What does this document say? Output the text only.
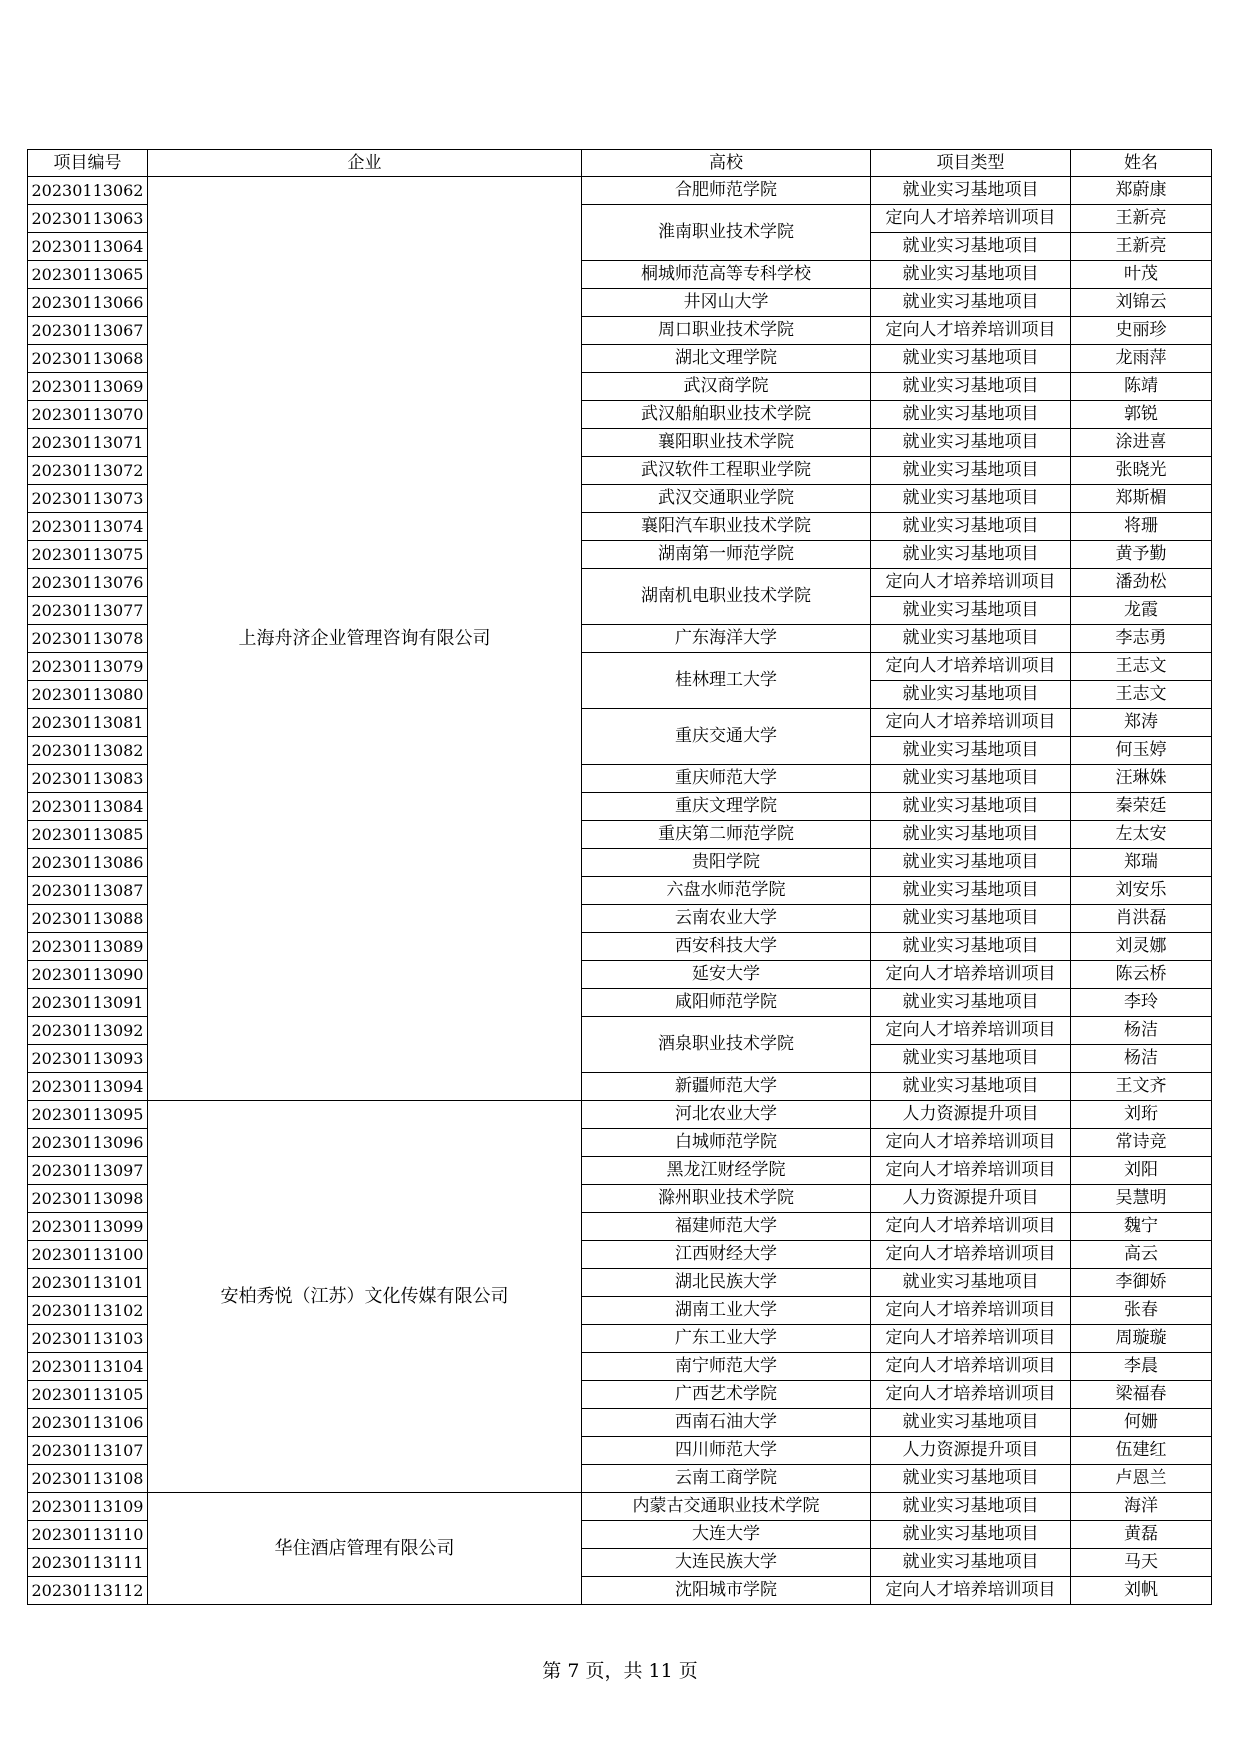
项目编号	企业	高校	项目类型	姓名
20230113062	上海舟济企业管理咨询有限公司	合肥师范学院	就业实习基地项目	郑蔚康
20230113063		淮南职业技术学院	定向人才培养培训项目	王新亮
20230113064			就业实习基地项目	王新亮
20230113065		桐城师范高等专科学校	就业实习基地项目	叶茂
20230113066		井冈山大学	就业实习基地项目	刘锦云
20230113067		周口职业技术学院	定向人才培养培训项目	史丽珍
20230113068		湖北文理学院	就业实习基地项目	龙雨萍
20230113069		武汉商学院	就业实习基地项目	陈靖
20230113070		武汉船舶职业技术学院	就业实习基地项目	郭锐
20230113071		襄阳职业技术学院	就业实习基地项目	涂进喜
20230113072		武汉软件工程职业学院	就业实习基地项目	张晓光
20230113073		武汉交通职业学院	就业实习基地项目	郑斯楣
20230113074		襄阳汽车职业技术学院	就业实习基地项目	将珊
20230113075		湖南第一师范学院	就业实习基地项目	黄予勤
20230113076		湖南机电职业技术学院	定向人才培养培训项目	潘劲松
20230113077			就业实习基地项目	龙霞
20230113078		广东海洋大学	就业实习基地项目	李志勇
20230113079		桂林理工大学	定向人才培养培训项目	王志文
20230113080			就业实习基地项目	王志文
20230113081		重庆交通大学	定向人才培养培训项目	郑涛
20230113082			就业实习基地项目	何玉婷
20230113083		重庆师范大学	就业实习基地项目	汪琳姝
20230113084		重庆文理学院	就业实习基地项目	秦荣廷
20230113085		重庆第二师范学院	就业实习基地项目	左太安
20230113086		贵阳学院	就业实习基地项目	郑瑞
20230113087		六盘水师范学院	就业实习基地项目	刘安乐
20230113088		云南农业大学	就业实习基地项目	肖洪磊
20230113089		西安科技大学	就业实习基地项目	刘灵娜
20230113090		延安大学	定向人才培养培训项目	陈云桥
20230113091		咸阳师范学院	就业实习基地项目	李玲
20230113092		酒泉职业技术学院	定向人才培养培训项目	杨洁
20230113093			就业实习基地项目	杨洁
20230113094		新疆师范大学	就业实习基地项目	王文齐
20230113095	安柏秀悦（江苏）文化传媒有限公司	河北农业大学	人力资源提升项目	刘珩
20230113096		白城师范学院	定向人才培养培训项目	常诗竞
20230113097		黑龙江财经学院	定向人才培养培训项目	刘阳
20230113098		滁州职业技术学院	人力资源提升项目	吴慧明
20230113099		福建师范大学	定向人才培养培训项目	魏宁
20230113100		江西财经大学	定向人才培养培训项目	高云
20230113101		湖北民族大学	就业实习基地项目	李御娇
20230113102		湖南工业大学	定向人才培养培训项目	张春
20230113103		广东工业大学	定向人才培养培训项目	周璇璇
20230113104		南宁师范大学	定向人才培养培训项目	李晨
20230113105		广西艺术学院	定向人才培养培训项目	梁福春
20230113106		西南石油大学	就业实习基地项目	何姗
20230113107		四川师范大学	人力资源提升项目	伍建红
20230113108		云南工商学院	就业实习基地项目	卢恩兰
20230113109	华住酒店管理有限公司	内蒙古交通职业技术学院	就业实习基地项目	海洋
20230113110		大连大学	就业实习基地项目	黄磊
20230113111		大连民族大学	就业实习基地项目	马天
20230113112		沈阳城市学院	定向人才培养培训项目	刘帆
第 7 页，共 11 页
